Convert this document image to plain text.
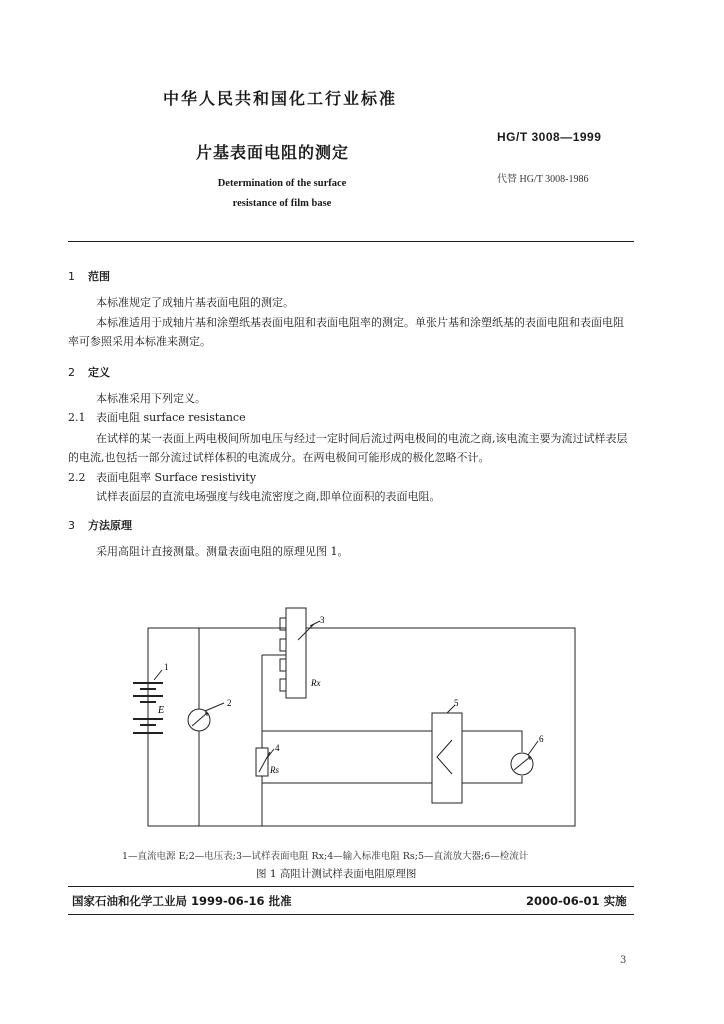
中华人民共和国化工行业标准
片基表面电阻的测定
Determination of the surface
resistance of film base
HG/T 3008—1999
代替 HG/T 3008-1986
1 范围
本标准规定了成轴片基表面电阻的测定。
本标准适用于成轴片基和涂塑纸基表面电阻和表面电阻率的测定。单张片基和涂塑纸基的表面电阻和表面电阻率可参照采用本标准来测定。
2 定义
本标准采用下列定义。
2.1 表面电阻 surface resistance
在试样的某一表面上两电极间所加电压与经过一定时间后流过两电极间的电流之商,该电流主要为流过试样表层的电流,也包括一部分流过试样体积的电流成分。在两电极间可能形成的极化忽略不计。
2.2 表面电阻率 Surface resistivity
试样表面层的直流电场强度与线电流密度之商,即单位面积的表面电阻。
3 方法原理
采用高阻计直接测量。测量表面电阻的原理见图 1。
1
2
3
4
5
6
E
Rx
Rs
1—直流电源 E;2—电压表;3—试样表面电阻 Rx;4—输入标准电阻 Rs;5—直流放大器;6—检流计
图 1 高阻计测试样表面电阻原理图
国家石油和化学工业局 1999-06-16 批准	2000-06-01 实施
3
